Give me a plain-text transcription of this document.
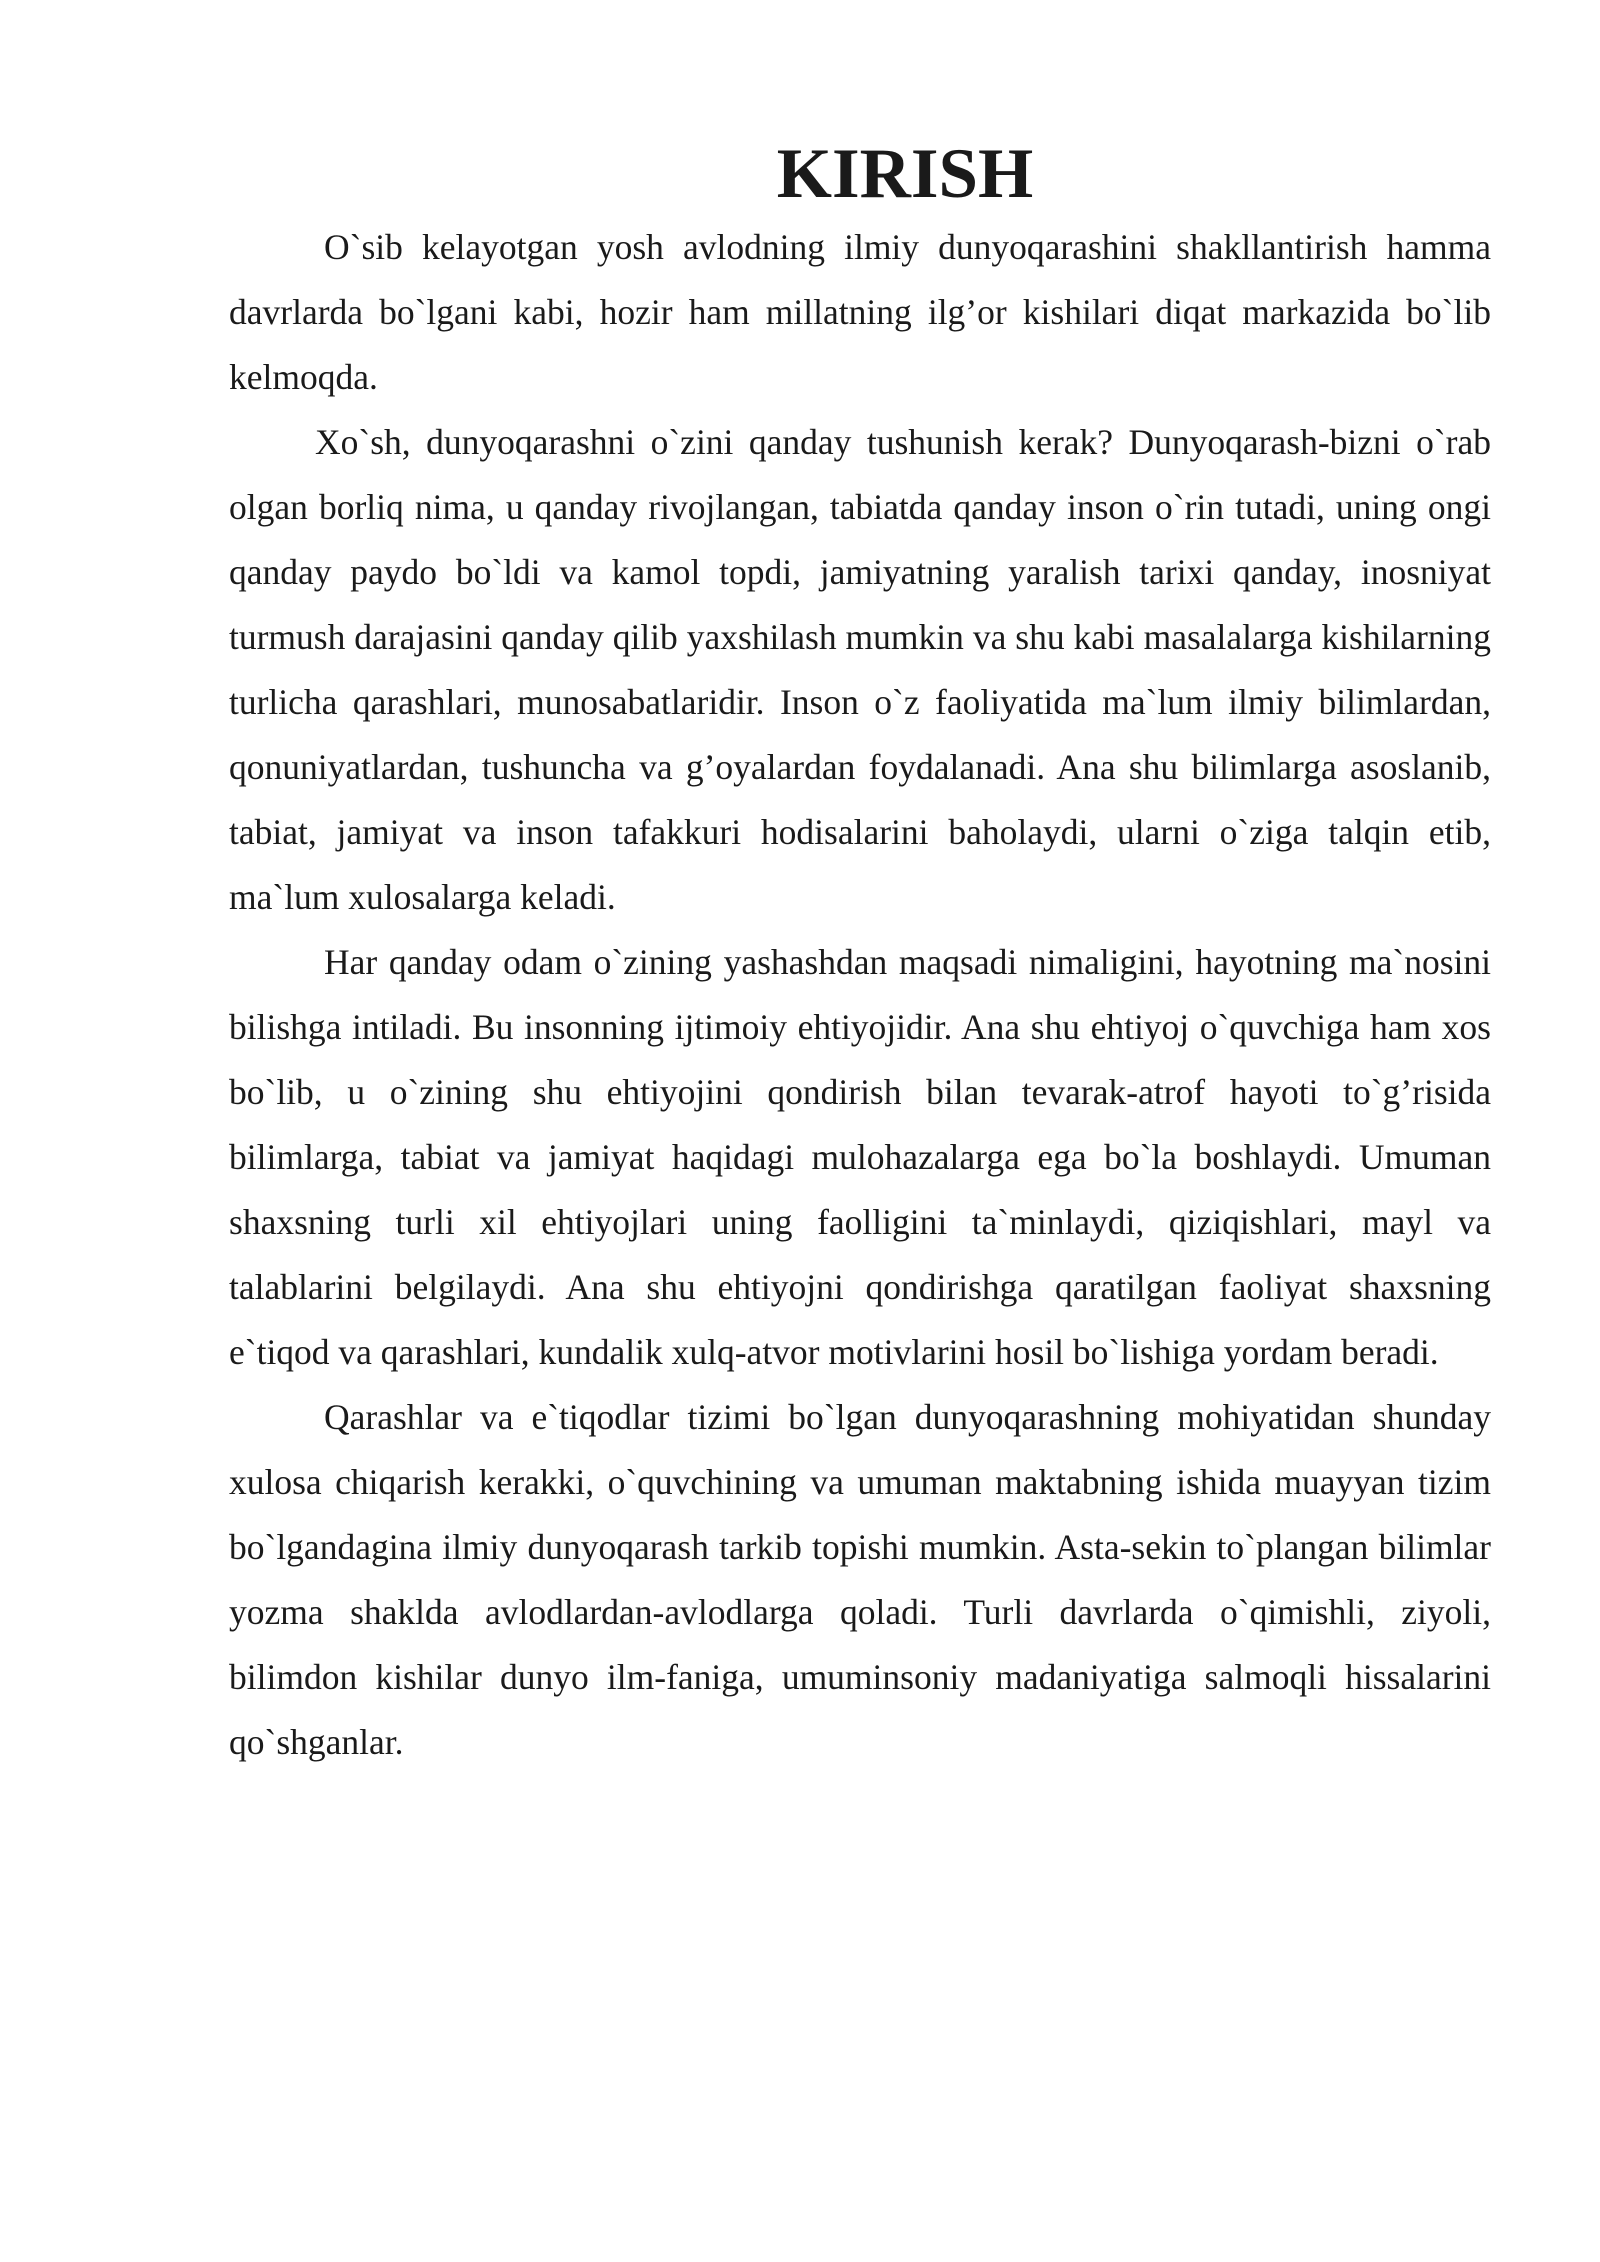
KIRISH

O`sib kelayotgan yosh avlodning ilmiy dunyoqarashini shakllantirish hamma davrlarda bo`lgani kabi, hozir ham millatning ilg’or kishilari diqat markazida bo`lib kelmoqda.

Xo`sh, dunyoqarashni o`zini qanday tushunish kerak? Dunyoqarash-bizni o`rab olgan borliq nima, u qanday rivojlangan, tabiatda qanday inson o`rin tutadi, uning ongi qanday paydo bo`ldi va kamol topdi, jamiyatning yaralish tarixi qanday, inosniyat turmush darajasini qanday qilib yaxshilash mumkin va shu kabi masalalarga kishilarning turlicha qarashlari, munosabatlaridir. Inson o`z faoliyatida ma`lum ilmiy bilimlardan, qonuniyatlardan, tushuncha va g’oyalardan foydalanadi. Ana shu bilimlarga asoslanib, tabiat, jamiyat va inson tafakkuri hodisalarini baholaydi, ularni o`ziga talqin etib, ma`lum xulosalarga keladi.

Har qanday odam o`zining yashashdan maqsadi nimaligini, hayotning ma`nosini bilishga intiladi. Bu insonning ijtimoiy ehtiyojidir. Ana shu ehtiyoj o`quvchiga ham xos bo`lib, u o`zining shu ehtiyojini qondirish bilan tevarak-atrof hayoti to`g’risida bilimlarga, tabiat va jamiyat haqidagi mulohazalarga ega bo`la boshlaydi. Umuman shaxsning turli xil ehtiyojlari uning faolligini ta`minlaydi, qiziqishlari, mayl va talablarini belgilaydi. Ana shu ehtiyojni qondirishga qaratilgan faoliyat shaxsning e`tiqod va qarashlari, kundalik xulq-atvor motivlarini hosil bo`lishiga yordam beradi.

Qarashlar va e`tiqodlar tizimi bo`lgan dunyoqarashning mohiyatidan shunday xulosa chiqarish kerakki, o`quvchining va umuman maktabning ishida muayyan tizim bo`lgandagina ilmiy dunyoqarash tarkib topishi mumkin. Asta-sekin to`plangan bilimlar yozma shaklda avlodlardan-avlodlarga qoladi. Turli davrlarda o`qimishli, ziyoli, bilimdon kishilar dunyo ilm-faniga, umuminsoniy madaniyatiga salmoqli hissalarini qo`shganlar.
